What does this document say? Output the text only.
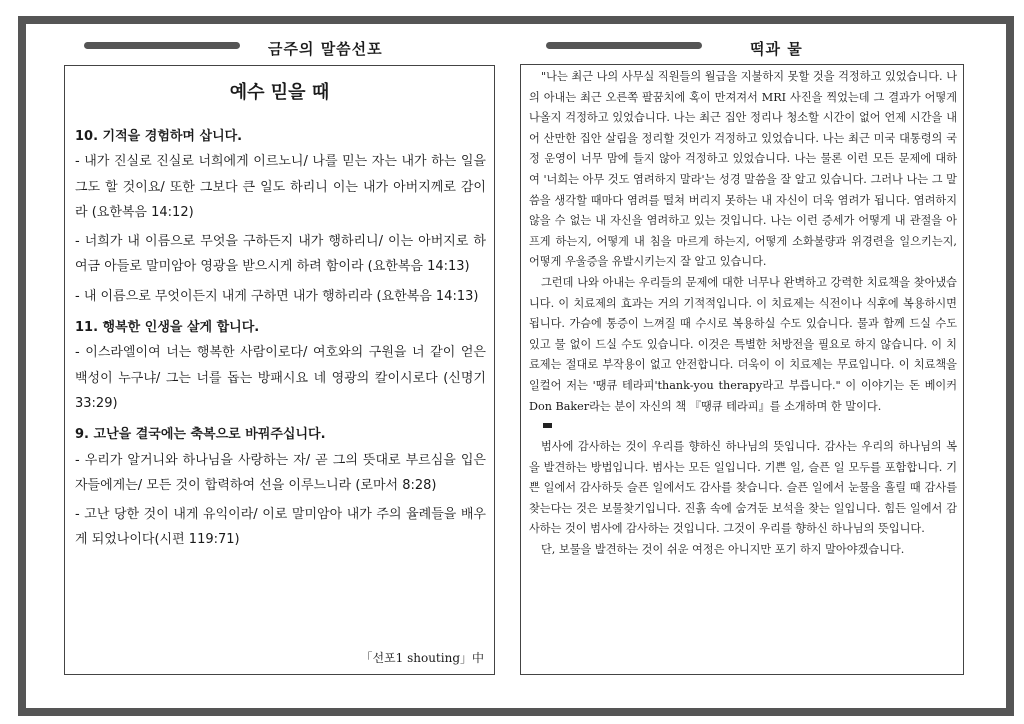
금주의 말씀선포	떡과 물
예수 믿을 때
10. 기적을 경험하며 삽니다.
- 내가 진실로 진실로 너희에게 이르노니/ 나를 믿는 자는 내가 하는 일을 그도 할 것이요/ 또한 그보다 큰 일도 하리니 이는 내가 아버지께로 감이라 (요한복음 14:12)
- 너희가 내 이름으로 무엇을 구하든지 내가 행하리니/ 이는 아버지로 하여금 아들로 말미암아 영광을 받으시게 하려 함이라 (요한복음 14:13)
- 내 이름으로 무엇이든지 내게 구하면 내가 행하리라 (요한복음 14:13)
11. 행복한 인생을 살게 합니다.
- 이스라엘이여 너는 행복한 사람이로다/ 여호와의 구원을 너 같이 얻은 백성이 누구냐/ 그는 너를 돕는 방패시요 네 영광의 칼이시로다 (신명기 33:29)
9. 고난을 결국에는 축복으로 바꿔주십니다.
- 우리가 알거니와 하나님을 사랑하는 자/ 곧 그의 뜻대로 부르심을 입은 자들에게는/ 모든 것이 합력하여 선을 이루느니라 (로마서 8:28)
- 고난 당한 것이 내게 유익이라/ 이로 말미암아 내가 주의 율례들을 배우게 되었나이다(시편 119:71)
「선포1 shouting」中

"나는 최근 나의 사무실 직원들의 월급을 지불하지 못할 것을 걱정하고 있었습니다. 나의 아내는 최근 오른쪽 팔꿈치에 혹이 만져져서 MRI 사진을 찍었는데 그 결과가 어떻게 나올지 걱정하고 있었습니다. 나는 최근 집안 정리나 청소할 시간이 없어 언제 시간을 내어 산만한 집안 살림을 정리할 것인가 걱정하고 있었습니다. 나는 최근 미국 대통령의 국정 운영이 너무 맘에 들지 않아 걱정하고 있었습니다. 나는 물론 이런 모든 문제에 대하여 '너희는 아무 것도 염려하지 말라'는 성경 말씀을 잘 알고 있습니다. 그러나 나는 그 말씀을 생각할 때마다 염려를 떨쳐 버리지 못하는 내 자신이 더욱 염려가 됩니다. 염려하지 않을 수 없는 내 자신을 염려하고 있는 것입니다. 나는 이런 증세가 어떻게 내 관절을 아프게 하는지, 어떻게 내 침을 마르게 하는지, 어떻게 소화불량과 위경련을 일으키는지, 어떻게 우울증을 유발시키는지 잘 알고 있습니다.

그런데 나와 아내는 우리들의 문제에 대한 너무나 완벽하고 강력한 치료책을 찾아냈습니다. 이 치료제의 효과는 거의 기적적입니다. 이 치료제는 식전이나 식후에 복용하시면 됩니다. 가슴에 통증이 느껴질 때 수시로 복용하실 수도 있습니다. 물과 함께 드실 수도 있고 물 없이 드실 수도 있습니다. 이것은 특별한 처방전을 필요로 하지 않습니다. 이 치료제는 절대로 부작용이 없고 안전합니다. 더욱이 이 치료제는 무료입니다. 이 치료책을 일컬어 저는 '땡큐 테라피'thank-you therapy라고 부릅니다." 이 이야기는 돈 베이커Don Baker라는 분이 자신의 책 『땡큐 테라피』를 소개하며 한 말이다.

범사에 감사하는 것이 우리를 향하신 하나님의 뜻입니다. 감사는 우리의 하나님의 복을 발견하는 방법입니다. 범사는 모든 일입니다. 기쁜 일, 슬픈 일 모두를 포함합니다. 기쁜 일에서 감사하듯 슬픈 일에서도 감사를 찾습니다. 슬픈 일에서 눈물을 흘릴 때 감사를 찾는다는 것은 보물찾기입니다. 진흙 속에 숨겨둔 보석을 찾는 일입니다. 힘든 일에서 감사하는 것이 범사에 감사하는 것입니다. 그것이 우리를 향하신 하나님의 뜻입니다.

단, 보물을 발견하는 것이 쉬운 여정은 아니지만 포기 하지 말아야겠습니다.
